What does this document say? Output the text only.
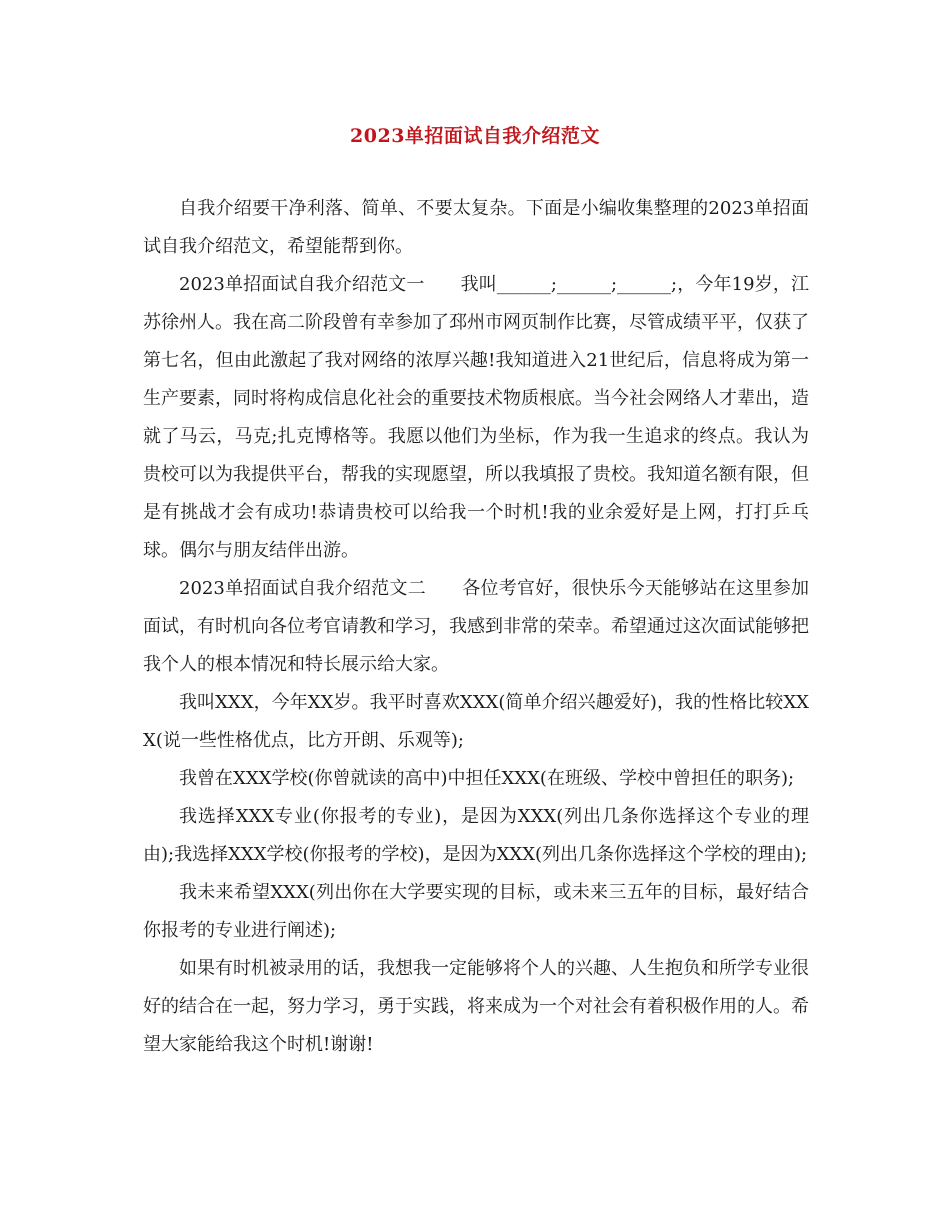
2023单招面试自我介绍范文

自我介绍要干净利落、简单、不要太复杂。下面是小编收集整理的2023单招面试自我介绍范文，希望能帮到你。

2023单招面试自我介绍范文一 我叫______;______;______;，今年19岁，江苏徐州人。我在高二阶段曾有幸参加了邳州市网页制作比赛，尽管成绩平平，仅获了第七名，但由此激起了我对网络的浓厚兴趣!我知道进入21世纪后，信息将成为第一生产要素，同时将构成信息化社会的重要技术物质根底。当今社会网络人才辈出，造就了马云，马克;扎克博格等。我愿以他们为坐标，作为我一生追求的终点。我认为贵校可以为我提供平台，帮我的实现愿望，所以我填报了贵校。我知道名额有限，但是有挑战才会有成功!恭请贵校可以给我一个时机!我的业余爱好是上网，打打乒乓球。偶尔与朋友结伴出游。

2023单招面试自我介绍范文二 各位考官好，很快乐今天能够站在这里参加面试，有时机向各位考官请教和学习，我感到非常的荣幸。希望通过这次面试能够把我个人的根本情况和特长展示给大家。

我叫XXX，今年XX岁。我平时喜欢XXX(简单介绍兴趣爱好)，我的性格比较XXX(说一些性格优点，比方开朗、乐观等);

我曾在XXX学校(你曾就读的高中)中担任XXX(在班级、学校中曾担任的职务);

我选择XXX专业(你报考的专业)，是因为XXX(列出几条你选择这个专业的理由);我选择XXX学校(你报考的学校)，是因为XXX(列出几条你选择这个学校的理由);

我未来希望XXX(列出你在大学要实现的目标，或未来三五年的目标，最好结合你报考的专业进行阐述);

如果有时机被录用的话，我想我一定能够将个人的兴趣、人生抱负和所学专业很好的结合在一起，努力学习，勇于实践，将来成为一个对社会有着积极作用的人。希望大家能给我这个时机!谢谢!
